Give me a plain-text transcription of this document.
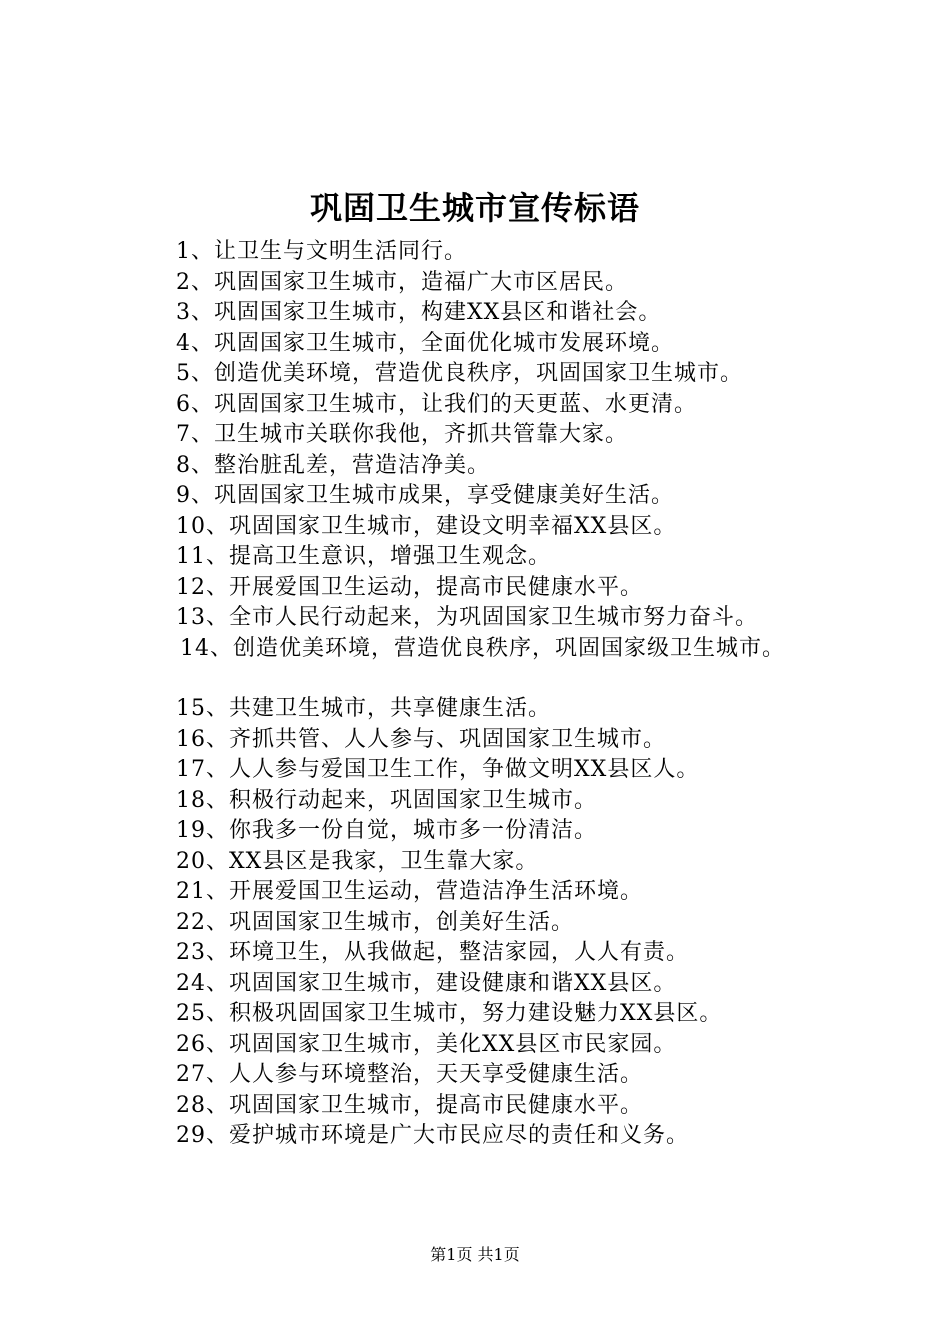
巩固卫生城市宣传标语
1、让卫生与文明生活同行。
2、巩固国家卫生城市，造福广大市区居民。
3、巩固国家卫生城市，构建XX县区和谐社会。
4、巩固国家卫生城市，全面优化城市发展环境。
5、创造优美环境，营造优良秩序，巩固国家卫生城市。
6、巩固国家卫生城市，让我们的天更蓝、水更清。
7、卫生城市关联你我他，齐抓共管靠大家。
8、整治脏乱差，营造洁净美。
9、巩固国家卫生城市成果，享受健康美好生活。
10、巩固国家卫生城市，建设文明幸福XX县区。
11、提高卫生意识，增强卫生观念。
12、开展爱国卫生运动，提高市民健康水平。
13、全市人民行动起来，为巩固国家卫生城市努力奋斗。
14、创造优美环境，营造优良秩序，巩固国家级卫生城市。
15、共建卫生城市，共享健康生活。
16、齐抓共管、人人参与、巩固国家卫生城市。
17、人人参与爱国卫生工作，争做文明XX县区人。
18、积极行动起来，巩固国家卫生城市。
19、你我多一份自觉，城市多一份清洁。
20、XX县区是我家，卫生靠大家。
21、开展爱国卫生运动，营造洁净生活环境。
22、巩固国家卫生城市，创美好生活。
23、环境卫生，从我做起，整洁家园，人人有责。
24、巩固国家卫生城市，建设健康和谐XX县区。
25、积极巩固国家卫生城市，努力建设魅力XX县区。
26、巩固国家卫生城市，美化XX县区市民家园。
27、人人参与环境整治，天天享受健康生活。
28、巩固国家卫生城市，提高市民健康水平。
29、爱护城市环境是广大市民应尽的责任和义务。
第1页 共1页
